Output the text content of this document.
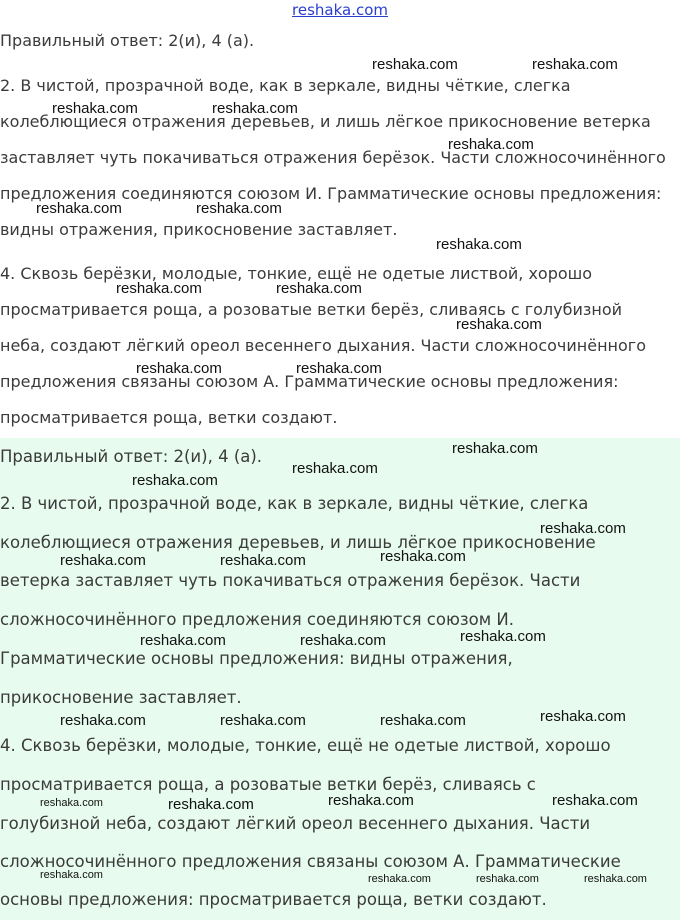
reshaka.com

Правильный ответ: 2(и), 4 (а).

2. В чистой, прозрачной воде, как в зеркале, видны чёткие, слегка

колеблющиеся отражения деревьев, и лишь лёгкое прикосновение ветерка

заставляет чуть покачиваться отражения берёзок. Части сложносочинённого

предложения соединяются союзом И. Грамматические основы предложения:

видны отражения, прикосновение заставляет.

4. Сквозь берёзки, молодые, тонкие, ещё не одетые листвой, хорошо

просматривается роща, а розоватые ветки берёз, сливаясь с голубизной

неба, создают лёгкий ореол весеннего дыхания. Части сложносочинённого

предложения связаны союзом А. Грамматические основы предложения:

просматривается роща, ветки создают.

Правильный ответ: 2(и), 4 (а).

2. В чистой, прозрачной воде, как в зеркале, видны чёткие, слегка

колеблющиеся отражения деревьев, и лишь лёгкое прикосновение

ветерка заставляет чуть покачиваться отражения берёзок. Части

сложносочинённого предложения соединяются союзом И.

Грамматические основы предложения: видны отражения,

прикосновение заставляет.

4. Сквозь берёзки, молодые, тонкие, ещё не одетые листвой, хорошо

просматривается роща, а розоватые ветки берёз, сливаясь с

голубизной неба, создают лёгкий ореол весеннего дыхания. Части

сложносочинённого предложения связаны союзом А. Грамматические

основы предложения: просматривается роща, ветки создают.

reshaka.com	reshaka.com
reshaka.com	reshaka.com
reshaka.com
reshaka.com	reshaka.com
reshaka.com
reshaka.com	reshaka.com
reshaka.com
reshaka.com	reshaka.com
reshaka.com
reshaka.com
reshaka.com
reshaka.com
reshaka.com	reshaka.com	reshaka.com
reshaka.com	reshaka.com	reshaka.com
reshaka.com	reshaka.com	reshaka.com	reshaka.com
reshaka.com	reshaka.com	reshaka.com	reshaka.com
reshaka.com	reshaka.com	reshaka.com	reshaka.com
